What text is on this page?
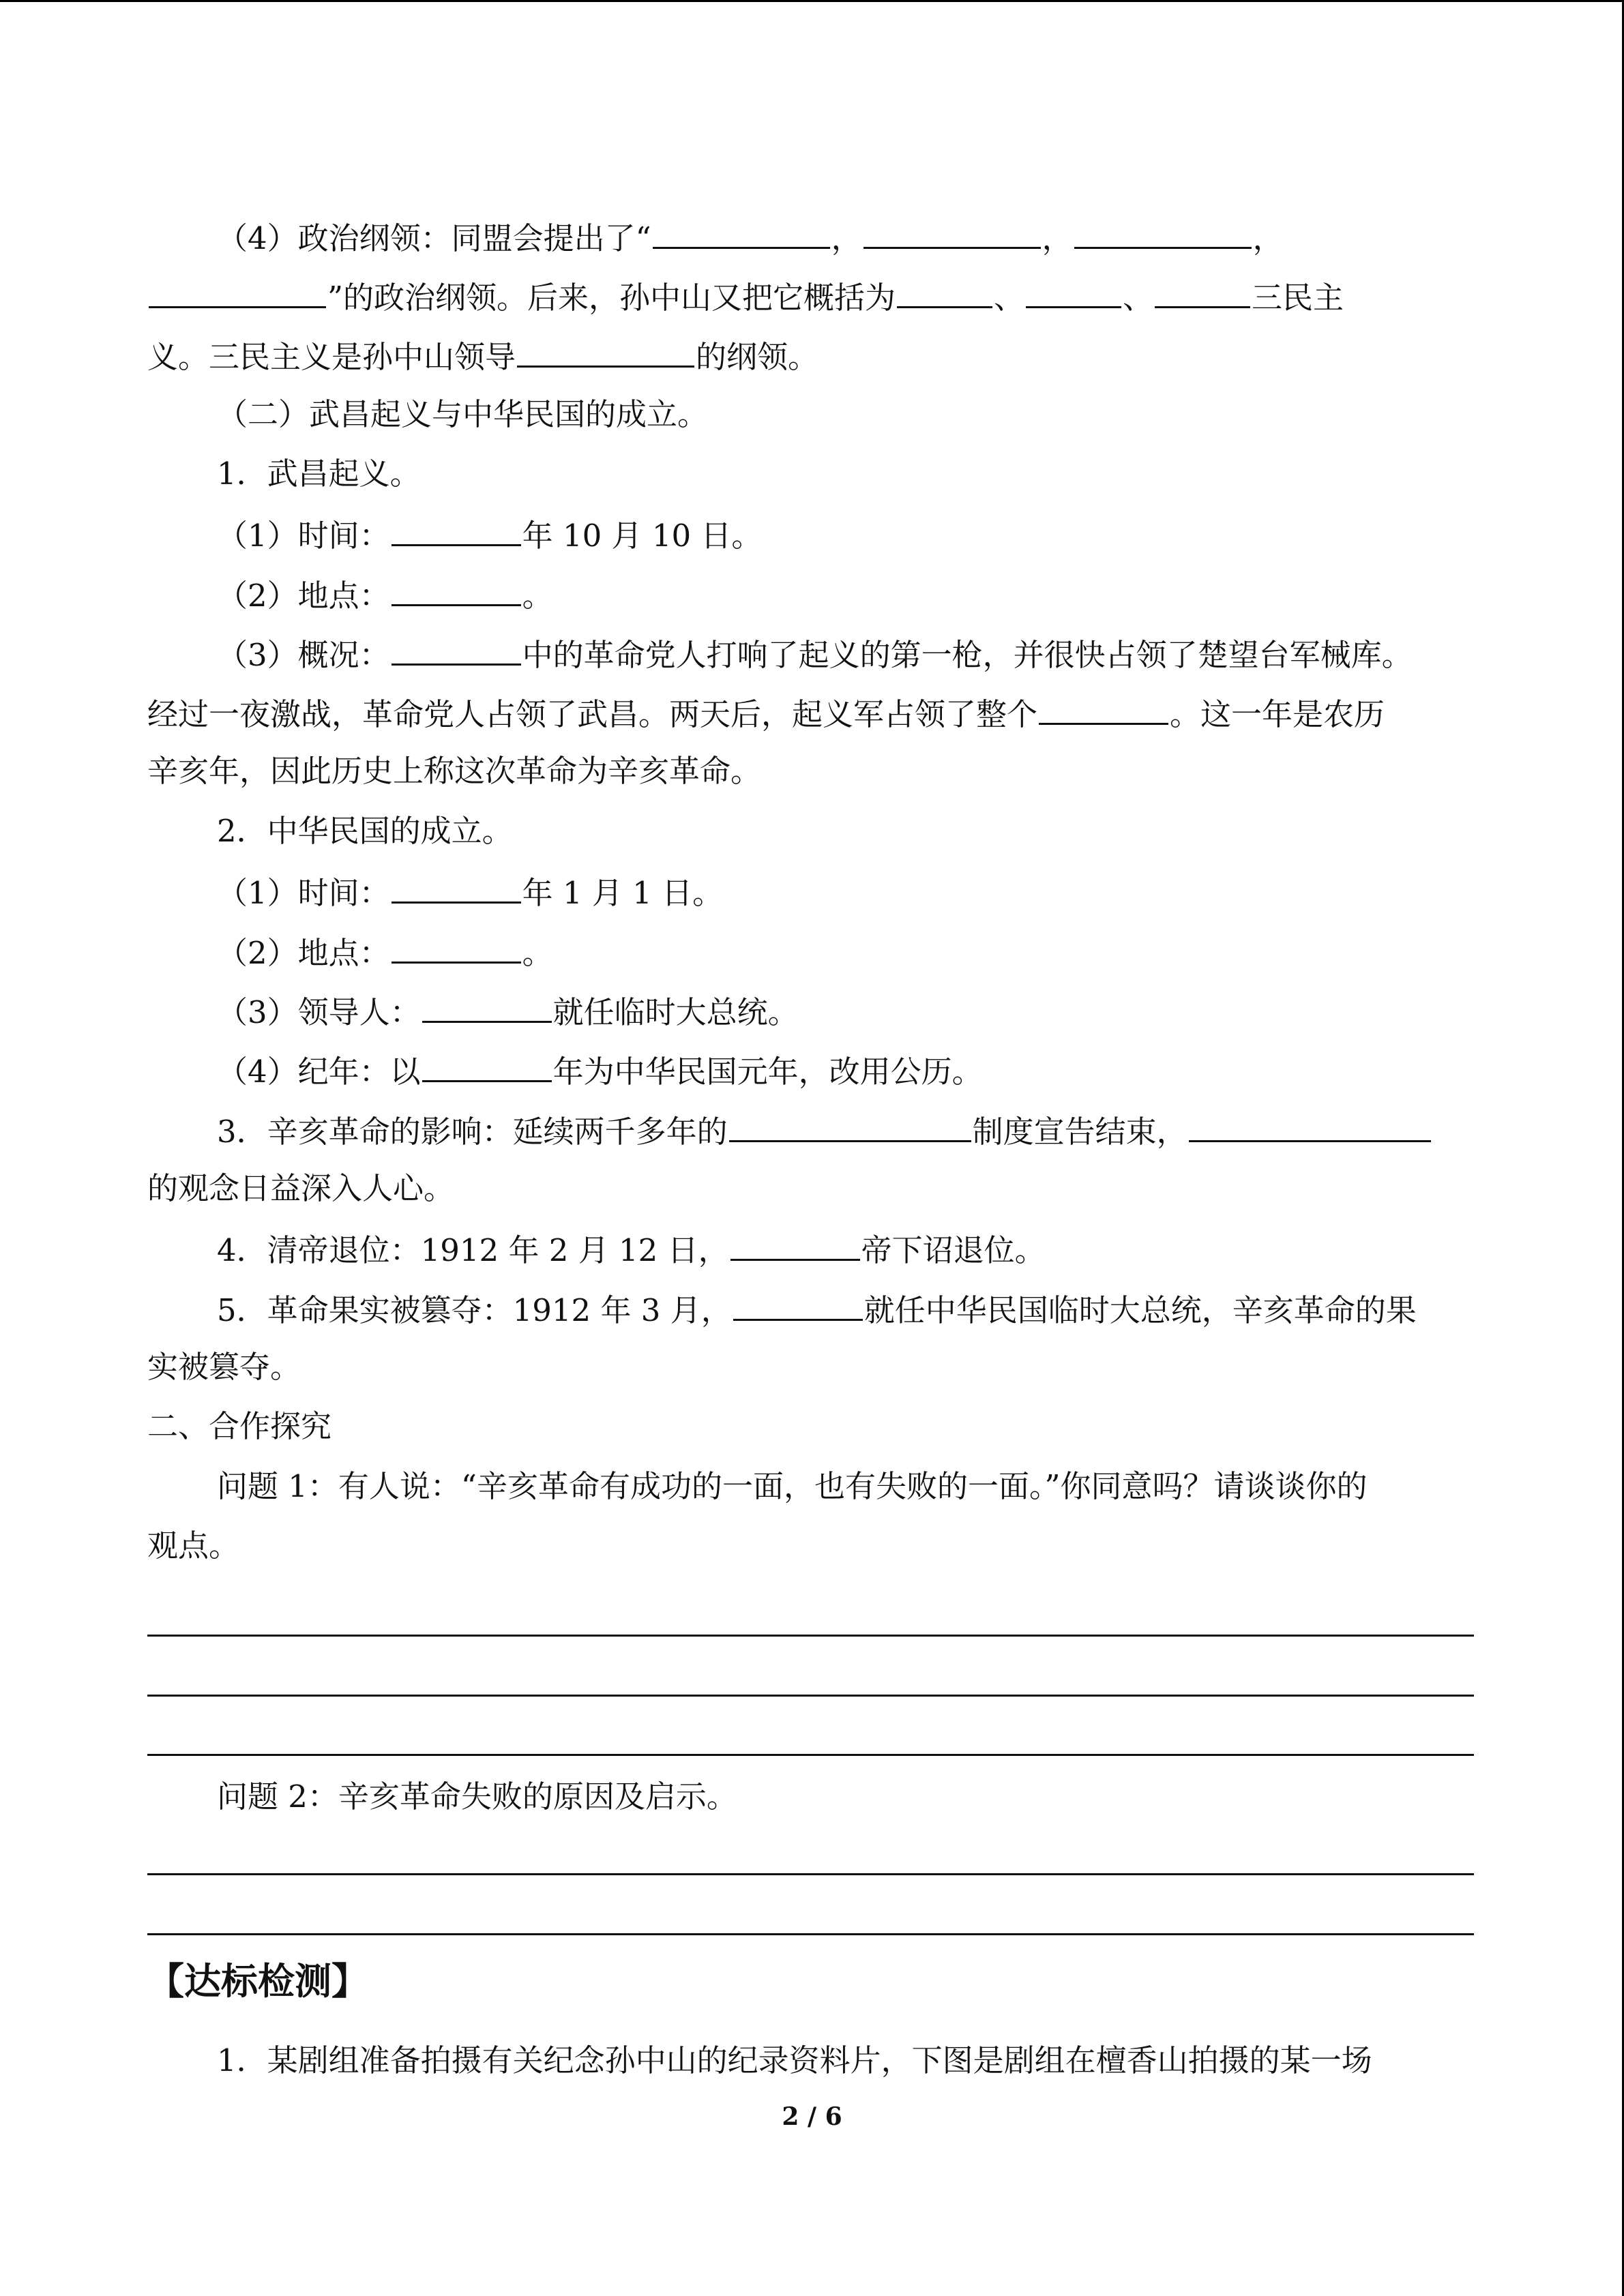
（4）政治纲领：同盟会提出了“	，	，	，
”的政治纲领。后来，孙中山又把它概括为	、	、	三民主
义。三民主义是孙中山领导	的纲领。
（二）武昌起义与中华民国的成立。
1．武昌起义。
（1）时间：	年 10 月 10 日。
（2）地点：	。
（3）概况：	中的革命党人打响了起义的第一枪，并很快占领了楚望台军械库。
经过一夜激战，革命党人占领了武昌。两天后，起义军占领了整个	。这一年是农历
辛亥年，因此历史上称这次革命为辛亥革命。
2．中华民国的成立。
（1）时间：	年 1 月 1 日。
（2）地点：	。
（3）领导人：	就任临时大总统。
（4）纪年：以	年为中华民国元年，改用公历。
3．辛亥革命的影响：延续两千多年的	制度宣告结束，
的观念日益深入人心。
4．清帝退位：1912 年 2 月 12 日，	帝下诏退位。
5．革命果实被篡夺：1912 年 3 月，	就任中华民国临时大总统，辛亥革命的果
实被篡夺。
二、合作探究
问题 1：有人说：“辛亥革命有成功的一面，也有失败的一面。”你同意吗？请谈谈你的
观点。
问题 2：辛亥革命失败的原因及启示。
【达标检测】
1．某剧组准备拍摄有关纪念孙中山的纪录资料片，下图是剧组在檀香山拍摄的某一场
2 / 6
